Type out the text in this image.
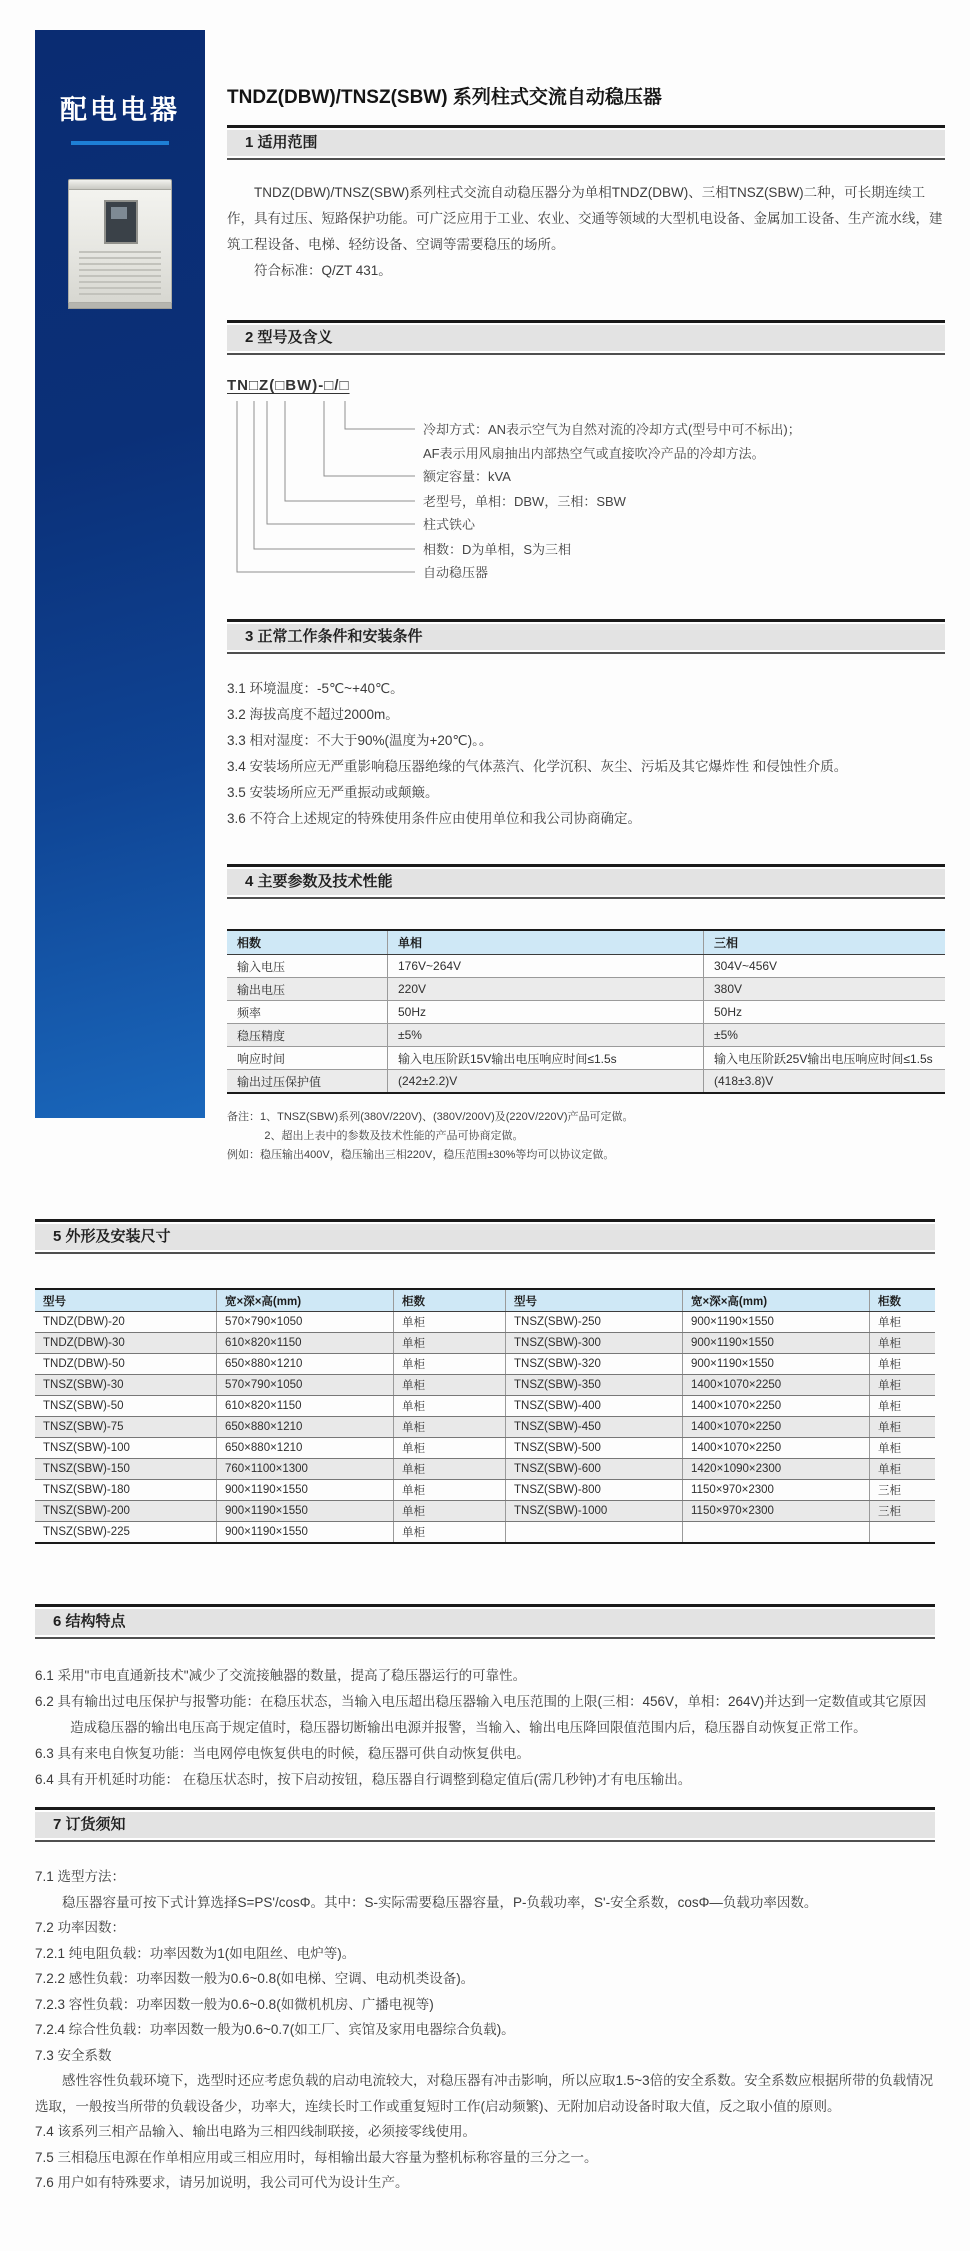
配电电器	TNDZ(DBW)/TNSZ(SBW) 系列柱式交流自动稳压器
1 适用范围
TNDZ(DBW)/TNSZ(SBW)系列柱式交流自动稳压器分为单相TNDZ(DBW)、三相TNSZ(SBW)二种，可长期连续工作，具有过压、短路保护功能。可广泛应用于工业、农业、交通等领域的大型机电设备、金属加工设备、生产流水线，建筑工程设备、电梯、轻纺设备、空调等需要稳压的场所。
符合标准：Q/ZT 431。
2 型号及含义
TN□Z(□BW)-□/□
冷却方式：AN表示空气为自然对流的冷却方式(型号中可不标出)；
AF表示用风扇抽出内部热空气或直接吹冷产品的冷却方法。
额定容量：kVA
老型号，单相：DBW，三相：SBW
柱式铁心
相数：D为单相，S为三相
自动稳压器
3 正常工作条件和安装条件
3.1 环境温度：-5℃~+40℃。
3.2 海拔高度不超过2000m。
3.3 相对湿度：不大于90%(温度为+20℃)。。
3.4 安装场所应无严重影响稳压器绝缘的气体蒸汽、化学沉积、灰尘、污垢及其它爆炸性 和侵蚀性介质。
3.5 安装场所应无严重振动或颠簸。
3.6 不符合上述规定的特殊使用条件应由使用单位和我公司协商确定。
4 主要参数及技术性能
相数	单相	三相
输入电压	176V~264V	304V~456V
输出电压	220V	380V
频率	50Hz	50Hz
稳压精度	±5%	±5%
响应时间	输入电压阶跃15V输出电压响应时间≤1.5s	输入电压阶跃25V输出电压响应时间≤1.5s
输出过压保护值	(242±2.2)V	(418±3.8)V
备注：1、TNSZ(SBW)系列(380V/220V)、(380V/200V)及(220V/220V)产品可定做。
2、超出上表中的参数及技术性能的产品可协商定做。
例如：稳压输出400V，稳压输出三相220V，稳压范围±30%等均可以协议定做。
5 外形及安装尺寸
型号	宽×深×高(mm)	柜数	型号	宽×深×高(mm)	柜数
TNDZ(DBW)-20	570×790×1050	单柜	TNSZ(SBW)-250	900×1190×1550	单柜
TNDZ(DBW)-30	610×820×1150	单柜	TNSZ(SBW)-300	900×1190×1550	单柜
TNDZ(DBW)-50	650×880×1210	单柜	TNSZ(SBW)-320	900×1190×1550	单柜
TNSZ(SBW)-30	570×790×1050	单柜	TNSZ(SBW)-350	1400×1070×2250	单柜
TNSZ(SBW)-50	610×820×1150	单柜	TNSZ(SBW)-400	1400×1070×2250	单柜
TNSZ(SBW)-75	650×880×1210	单柜	TNSZ(SBW)-450	1400×1070×2250	单柜
TNSZ(SBW)-100	650×880×1210	单柜	TNSZ(SBW)-500	1400×1070×2250	单柜
TNSZ(SBW)-150	760×1100×1300	单柜	TNSZ(SBW)-600	1420×1090×2300	单柜
TNSZ(SBW)-180	900×1190×1550	单柜	TNSZ(SBW)-800	1150×970×2300	三柜
TNSZ(SBW)-200	900×1190×1550	单柜	TNSZ(SBW)-1000	1150×970×2300	三柜
TNSZ(SBW)-225	900×1190×1550	单柜			
6 结构特点
6.1 采用"市电直通新技术"减少了交流接触器的数量，提高了稳压器运行的可靠性。
6.2 具有输出过电压保护与报警功能：在稳压状态，当输入电压超出稳压器输入电压范围的上限(三相：456V，单相：264V)并达到一定数值或其它原因造成稳压器的输出电压高于规定值时，稳压器切断输出电源并报警，当输入、输出电压降回限值范围内后，稳压器自动恢复正常工作。
6.3 具有来电自恢复功能：当电网停电恢复供电的时候，稳压器可供自动恢复供电。
6.4 具有开机延时功能： 在稳压状态时，按下启动按钮，稳压器自行调整到稳定值后(需几秒钟)才有电压输出。
7 订货须知
7.1 选型方法：
稳压器容量可按下式计算选择S=PS'/cosΦ。其中：S-实际需要稳压器容量，P-负载功率，S'-安全系数，cosΦ—负载功率因数。
7.2 功率因数：
7.2.1 纯电阻负载：功率因数为1(如电阻丝、电炉等)。
7.2.2 感性负载：功率因数一般为0.6~0.8(如电梯、空调、电动机类设备)。
7.2.3 容性负载：功率因数一般为0.6~0.8(如微机机房、广播电视等)
7.2.4 综合性负载：功率因数一般为0.6~0.7(如工厂、宾馆及家用电器综合负载)。
7.3 安全系数
感性容性负载环境下，选型时还应考虑负载的启动电流较大，对稳压器有冲击影响，所以应取1.5~3倍的安全系数。安全系数应根据所带的负载情况选取，一般按当所带的负载设备少，功率大，连续长时工作或重复短时工作(启动频繁)、无附加启动设备时取大值，反之取小值的原则。
7.4 该系列三相产品输入、输出电路为三相四线制联接，必须接零线使用。
7.5 三相稳压电源在作单相应用或三相应用时，每相输出最大容量为整机标称容量的三分之一。
7.6 用户如有特殊要求，请另加说明，我公司可代为设计生产。
